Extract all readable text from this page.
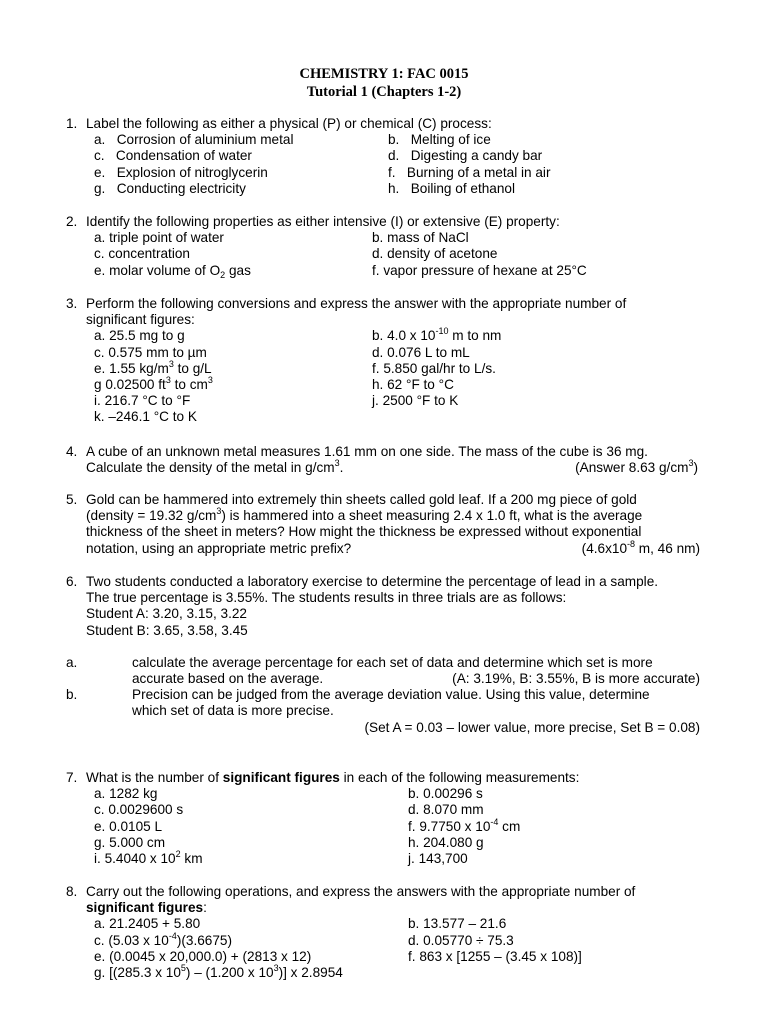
CHEMISTRY 1: FAC 0015
Tutorial 1 (Chapters 1-2)
1. Label the following as either a physical (P) or chemical (C) process:
a. Corrosion of aluminium metal	b. Melting of ice
c. Condensation of water	d. Digesting a candy bar
e. Explosion of nitroglycerin	f. Burning of a metal in air
g. Conducting electricity	h. Boiling of ethanol
2. Identify the following properties as either intensive (I) or extensive (E) property:
a. triple point of water	b. mass of NaCl
c. concentration	d. density of acetone
e. molar volume of $O_2$ gas	f. vapor pressure of hexane at 25°C
3. Perform the following conversions and express the answer with the appropriate number of
significant figures:
a. 25.5 mg to g	b. 4.0 x $10^{-10}$ m to nm
c. 0.575 mm to µm	d. 0.076 L to mL
e. 1.55 $kg/m^3$ to g/L	f. 5.850 gal/hr to L/s.
g 0.02500 $ft^3$ to $cm^3$	h. 62 °F to °C
i. 216.7 °C to °F	j. 2500 °F to K
k. –246.1 °C to K
4. A cube of an unknown metal measures 1.61 mm on one side. The mass of the cube is 36 mg.
Calculate the density of the metal in $g/cm^3$.	(Answer 8.63 $g/cm^3$)
5. Gold can be hammered into extremely thin sheets called gold leaf. If a 200 mg piece of gold
(density = 19.32 $g/cm^3$) is hammered into a sheet measuring 2.4 x 1.0 ft, what is the average
thickness of the sheet in meters? How might the thickness be expressed without exponential
notation, using an appropriate metric prefix?	($4.6x10^{-8}$ m, 46 nm)
6. Two students conducted a laboratory exercise to determine the percentage of lead in a sample.
The true percentage is 3.55%. The students results in three trials are as follows:
Student A: 3.20, 3.15, 3.22
Student B: 3.65, 3.58, 3.45
a.	calculate the average percentage for each set of data and determine which set is more
accurate based on the average.	(A: 3.19%, B: 3.55%, B is more accurate)
b.	Precision can be judged from the average deviation value. Using this value, determine
which set of data is more precise.
(Set A = 0.03 – lower value, more precise, Set B = 0.08)
7. What is the number of significant figures in each of the following measurements:
a. 1282 kg	b. 0.00296 s
c. 0.0029600 s	d. 8.070 mm
e. 0.0105 L	f. 9.7750 x $10^{-4}$ cm
g. 5.000 cm	h. 204.080 g
i. 5.4040 x $10^2$ km	j. 143,700
8. Carry out the following operations, and express the answers with the appropriate number of
significant figures:
a. 21.2405 + 5.80	b. 13.577 – 21.6
c. (5.03 x $10^{-4})(3.6675)$	d. 0.05770 ÷ 75.3
e. (0.0045 x 20,000.0) + (2813 x 12)	f. 863 x [1255 – (3.45 x 108)]
g. [(285.3 x $10^5) - (1.200$ x $10^3$)] x 2.8954
